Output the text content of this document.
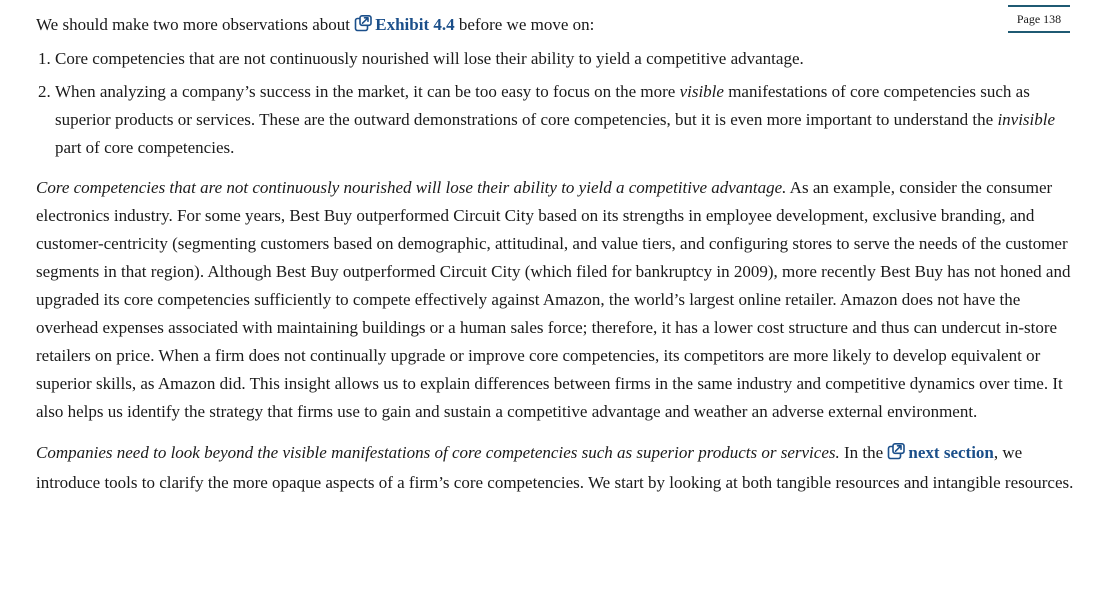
Page 138

We should make two more observations about Exhibit 4.4 before we move on:

1. Core competencies that are not continuously nourished will lose their ability to yield a competitive advantage.
2. When analyzing a company’s success in the market, it can be too easy to focus on the more visible manifestations of core competencies such as superior products or services. These are the outward demonstrations of core competencies, but it is even more important to understand the invisible part of core competencies.

Core competencies that are not continuously nourished will lose their ability to yield a competitive advantage. As an example, consider the consumer electronics industry. For some years, Best Buy outperformed Circuit City based on its strengths in employee development, exclusive branding, and customer-centricity (segmenting customers based on demographic, attitudinal, and value tiers, and configuring stores to serve the needs of the customer segments in that region). Although Best Buy outperformed Circuit City (which filed for bankruptcy in 2009), more recently Best Buy has not honed and upgraded its core competencies sufficiently to compete effectively against Amazon, the world’s largest online retailer. Amazon does not have the overhead expenses associated with maintaining buildings or a human sales force; therefore, it has a lower cost structure and thus can undercut in-store retailers on price. When a firm does not continually upgrade or improve core competencies, its competitors are more likely to develop equivalent or superior skills, as Amazon did. This insight allows us to explain differences between firms in the same industry and competitive dynamics over time. It also helps us identify the strategy that firms use to gain and sustain a competitive advantage and weather an adverse external environment.

Companies need to look beyond the visible manifestations of core competencies such as superior products or services. In the next section, we introduce tools to clarify the more opaque aspects of a firm’s core competencies. We start by looking at both tangible resources and intangible resources.
